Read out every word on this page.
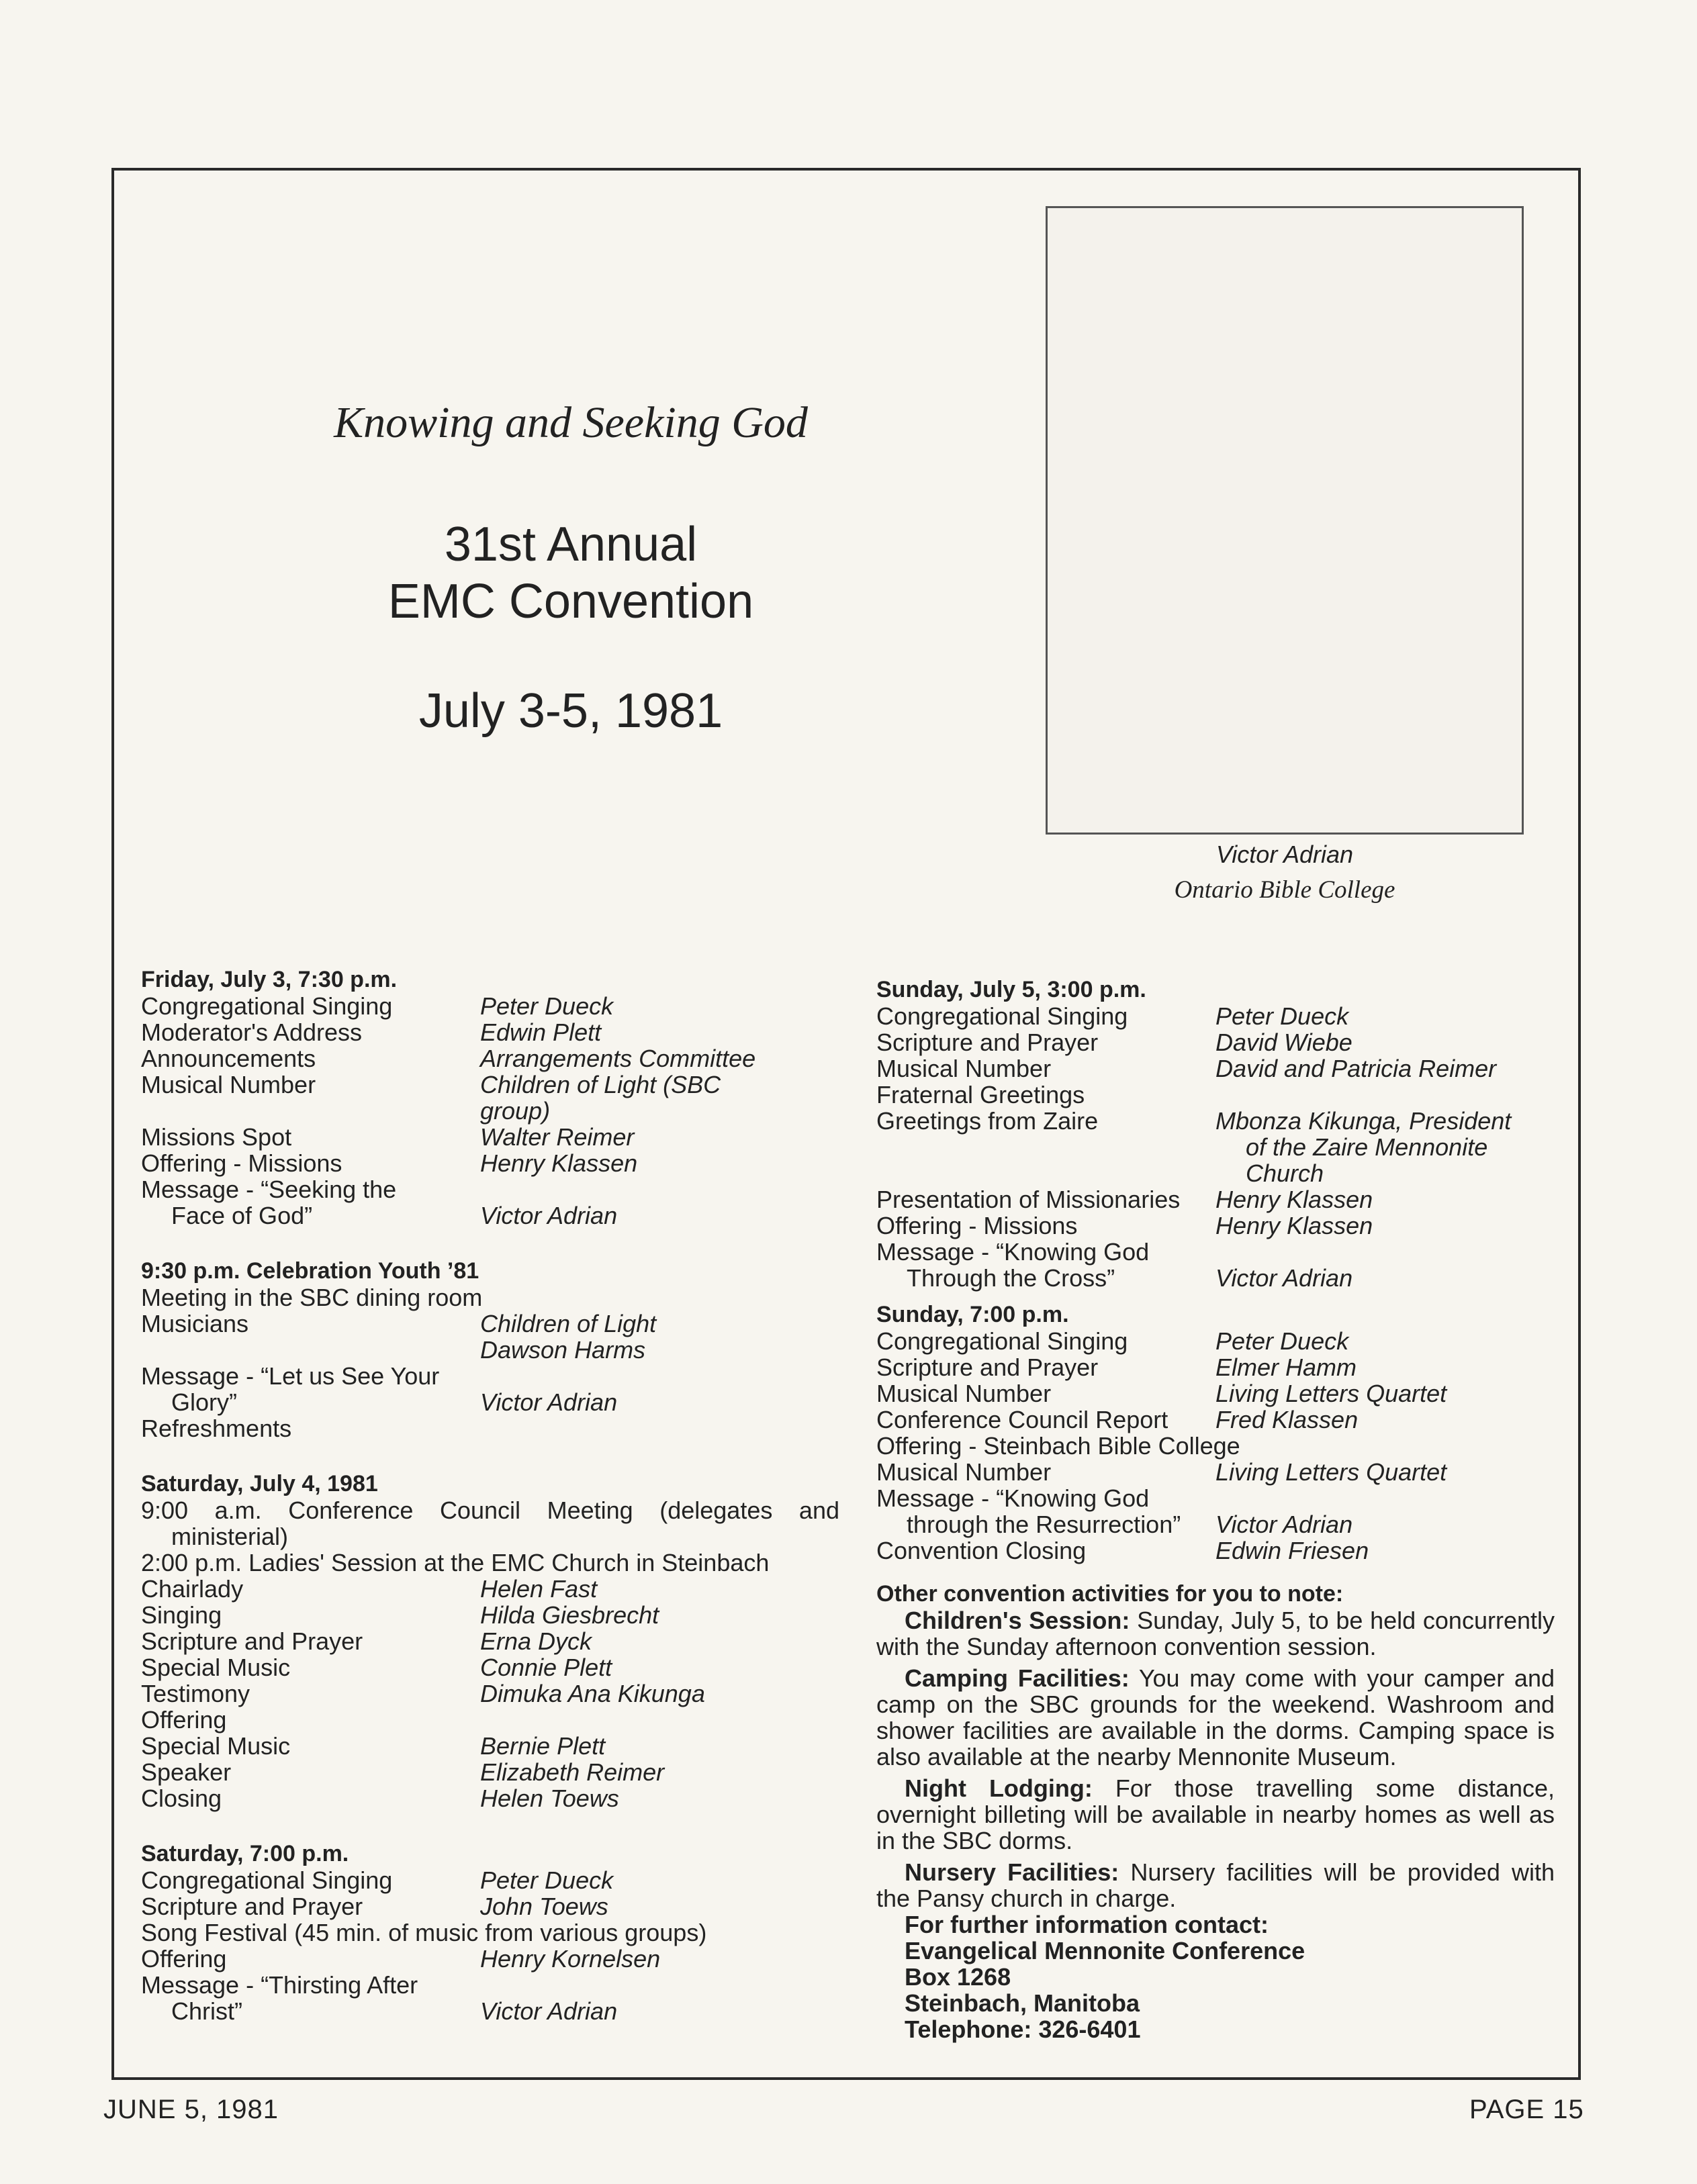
Knowing and Seeking God
31st Annual
EMC Convention
July 3-5, 1981
Victor Adrian
Ontario Bible College
Friday, July 3, 7:30 p.m.
Congregational Singing	Peter Dueck
Moderator's Address	Edwin Plett
Announcements	Arrangements Committee
Musical Number	Children of Light (SBC
group)
Missions Spot	Walter Reimer
Offering - Missions	Henry Klassen
Message - “Seeking the
Face of God”	Victor Adrian
9:30 p.m. Celebration Youth ’81
Meeting in the SBC dining room
Musicians	Children of Light
Dawson Harms
Message - “Let us See Your
Glory”	Victor Adrian
Refreshments
Saturday, July 4, 1981
9:00 a.m. Conference Council Meeting (delegates and
ministerial)
2:00 p.m. Ladies' Session at the EMC Church in Steinbach
Chairlady	Helen Fast
Singing	Hilda Giesbrecht
Scripture and Prayer	Erna Dyck
Special Music	Connie Plett
Testimony	Dimuka Ana Kikunga
Offering
Special Music	Bernie Plett
Speaker	Elizabeth Reimer
Closing	Helen Toews
Saturday, 7:00 p.m.
Congregational Singing	Peter Dueck
Scripture and Prayer	John Toews
Song Festival (45 min. of music from various groups)
Offering	Henry Kornelsen
Message - “Thirsting After
Christ”	Victor Adrian
Sunday, July 5, 3:00 p.m.
Congregational Singing	Peter Dueck
Scripture and Prayer	David Wiebe
Musical Number	David and Patricia Reimer
Fraternal Greetings
Greetings from Zaire	Mbonza Kikunga, President
of the Zaire Mennonite
Church
Presentation of Missionaries	Henry Klassen
Offering - Missions	Henry Klassen
Message - “Knowing God
Through the Cross”	Victor Adrian
Sunday, 7:00 p.m.
Congregational Singing	Peter Dueck
Scripture and Prayer	Elmer Hamm
Musical Number	Living Letters Quartet
Conference Council Report	Fred Klassen
Offering - Steinbach Bible College
Musical Number	Living Letters Quartet
Message - “Knowing God
through the Resurrection”	Victor Adrian
Convention Closing	Edwin Friesen
Other convention activities for you to note:
Children's Session: Sunday, July 5, to be held concurrently with the Sunday afternoon convention session.
Camping Facilities: You may come with your camper and camp on the SBC grounds for the weekend. Washroom and shower facilities are available in the dorms. Camping space is also available at the nearby Mennonite Museum.
Night Lodging: For those travelling some distance, overnight billeting will be available in nearby homes as well as in the SBC dorms.
Nursery Facilities: Nursery facilities will be provided with the Pansy church in charge.
For further information contact:
Evangelical Mennonite Conference
Box 1268
Steinbach, Manitoba
Telephone: 326-6401
JUNE 5, 1981	PAGE 15
